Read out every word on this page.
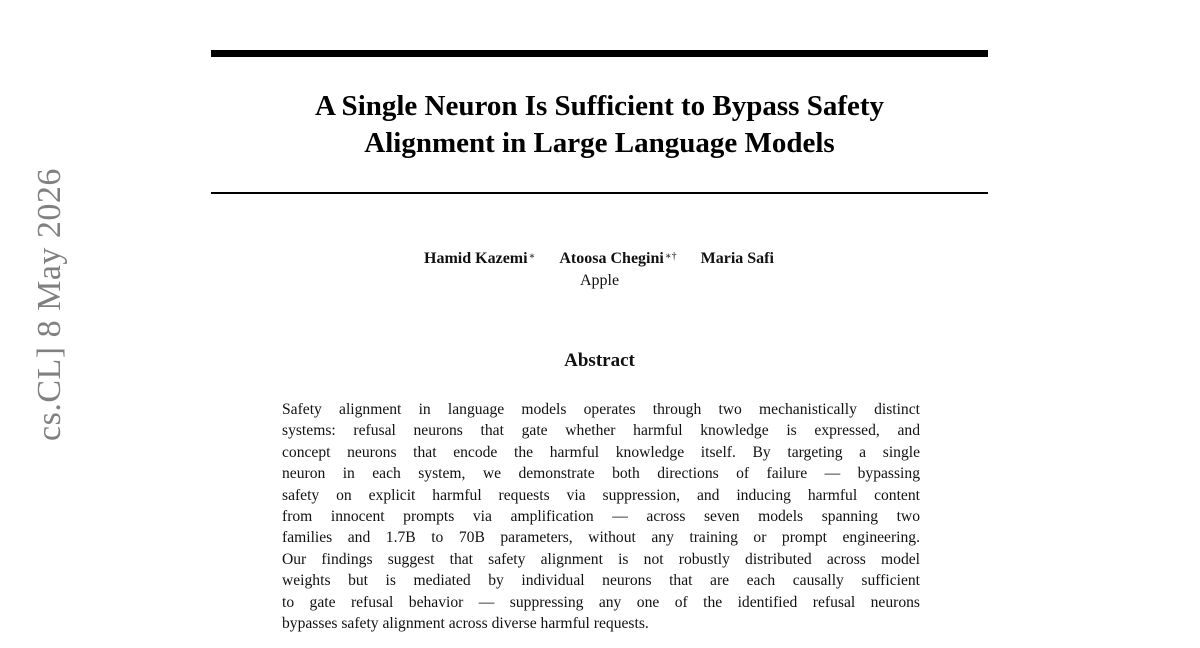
cs.CL] 8 May 2026
A Single Neuron Is Sufficient to Bypass Safety
Alignment in Large Language Models
Hamid Kazemi∗ Atoosa Chegini∗† Maria Safi
Apple
Abstract
Safety alignment in language models operates through two mechanistically distinct
systems: refusal neurons that gate whether harmful knowledge is expressed, and
concept neurons that encode the harmful knowledge itself. By targeting a single
neuron in each system, we demonstrate both directions of failure — bypassing
safety on explicit harmful requests via suppression, and inducing harmful content
from innocent prompts via amplification — across seven models spanning two
families and 1.7B to 70B parameters, without any training or prompt engineering.
Our findings suggest that safety alignment is not robustly distributed across model
weights but is mediated by individual neurons that are each causally sufficient
to gate refusal behavior — suppressing any one of the identified refusal neurons
bypasses safety alignment across diverse harmful requests.
